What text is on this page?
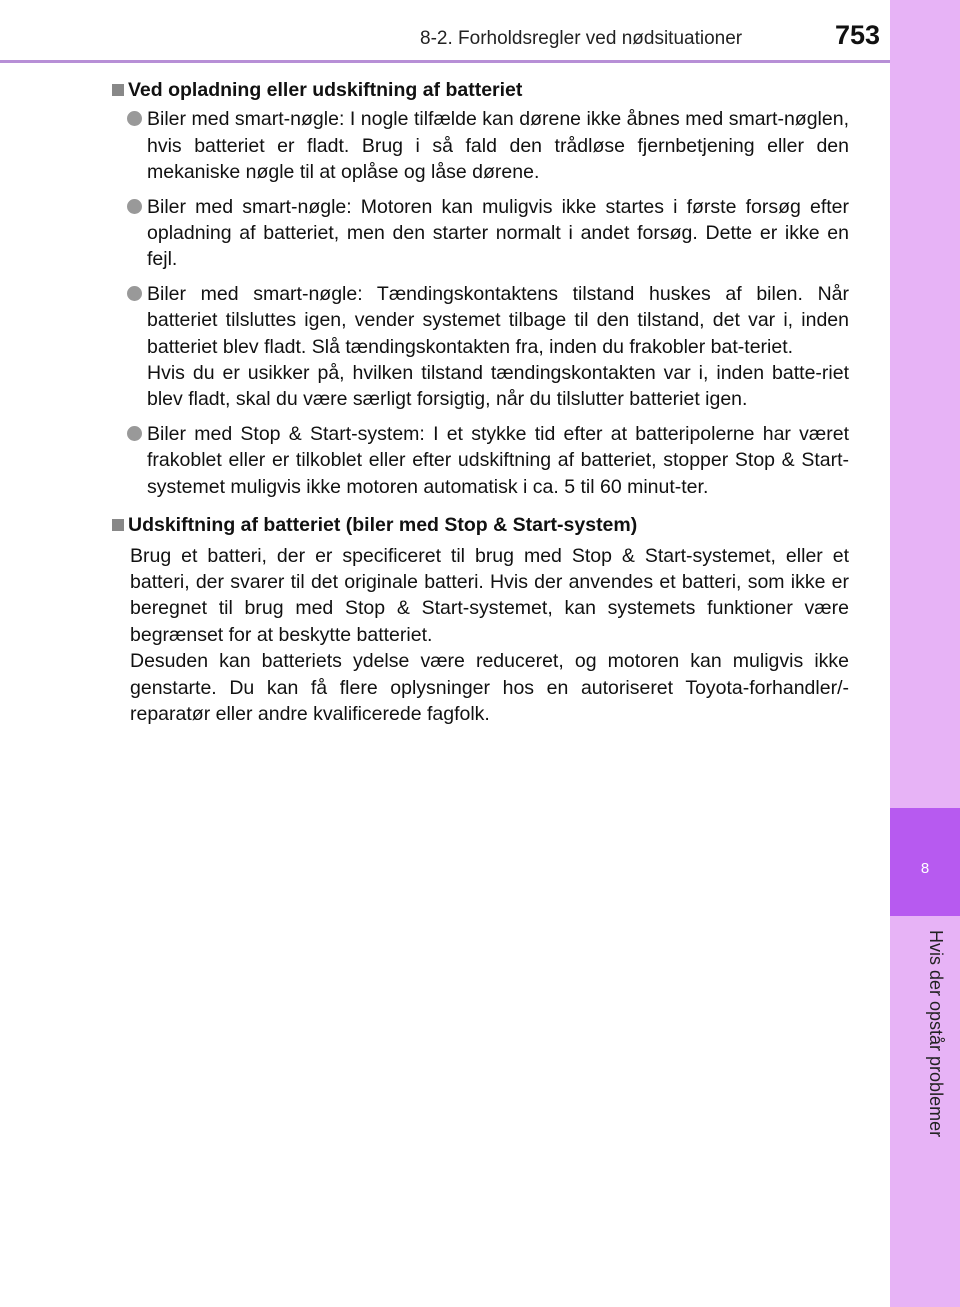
8-2. Forholdsregler ved nødsituationer	753
8
Hvis der opstår problemer
Ved opladning eller udskiftning af batteriet
Biler med smart-nøgle: I nogle tilfælde kan dørene ikke åbnes med smart-nøglen, hvis batteriet er fladt. Brug i så fald den trådløse fjernbetjening eller den mekaniske nøgle til at oplåse og låse dørene.
Biler med smart-nøgle: Motoren kan muligvis ikke startes i første forsøg efter opladning af batteriet, men den starter normalt i andet forsøg. Dette er ikke en fejl.
Biler med smart-nøgle: Tændingskontaktens tilstand huskes af bilen. Når batteriet tilsluttes igen, vender systemet tilbage til den tilstand, det var i, inden batteriet blev fladt. Slå tændingskontakten fra, inden du frakobler bat-teriet.
Hvis du er usikker på, hvilken tilstand tændingskontakten var i, inden batte-riet blev fladt, skal du være særligt forsigtig, når du tilslutter batteriet igen.
Biler med Stop & Start-system: I et stykke tid efter at batteripolerne har været frakoblet eller er tilkoblet eller efter udskiftning af batteriet, stopper Stop & Start-systemet muligvis ikke motoren automatisk i ca. 5 til 60 minut-ter.
Udskiftning af batteriet (biler med Stop & Start-system)
Brug et batteri, der er specificeret til brug med Stop & Start-systemet, eller et batteri, der svarer til det originale batteri. Hvis der anvendes et batteri, som ikke er beregnet til brug med Stop & Start-systemet, kan systemets funktioner være begrænset for at beskytte batteriet.
Desuden kan batteriets ydelse være reduceret, og motoren kan muligvis ikke genstarte. Du kan få flere oplysninger hos en autoriseret Toyota-forhandler/-reparatør eller andre kvalificerede fagfolk.
